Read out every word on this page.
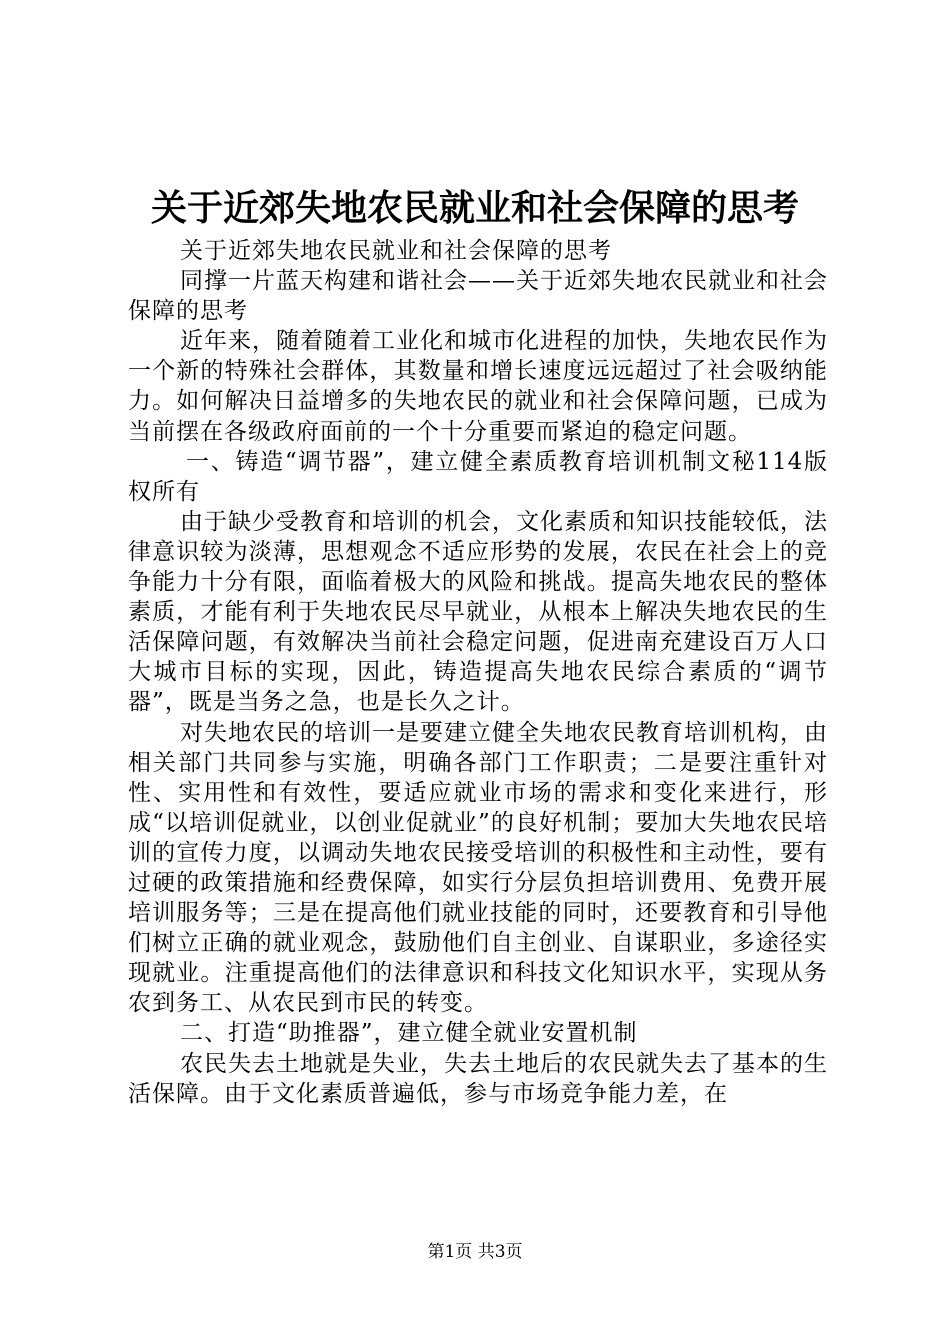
关于近郊失地农民就业和社会保障的思考

关于近郊失地农民就业和社会保障的思考

同撑一片蓝天构建和谐社会——关于近郊失地农民就业和社会保障的思考

近年来，随着随着工业化和城市化进程的加快，失地农民作为一个新的特殊社会群体，其数量和增长速度远远超过了社会吸纳能力。如何解决日益增多的失地农民的就业和社会保障问题，已成为当前摆在各级政府面前的一个十分重要而紧迫的稳定问题。

一、铸造“调节器”，建立健全素质教育培训机制文秘114版权所有

由于缺少受教育和培训的机会，文化素质和知识技能较低，法律意识较为淡薄，思想观念不适应形势的发展，农民在社会上的竞争能力十分有限，面临着极大的风险和挑战。提高失地农民的整体素质，才能有利于失地农民尽早就业，从根本上解决失地农民的生活保障问题，有效解决当前社会稳定问题，促进南充建设百万人口大城市目标的实现，因此，铸造提高失地农民综合素质的“调节器”，既是当务之急，也是长久之计。

对失地农民的培训一是要建立健全失地农民教育培训机构，由相关部门共同参与实施，明确各部门工作职责；二是要注重针对性、实用性和有效性，要适应就业市场的需求和变化来进行，形成“以培训促就业，以创业促就业”的良好机制；要加大失地农民培训的宣传力度，以调动失地农民接受培训的积极性和主动性，要有过硬的政策措施和经费保障，如实行分层负担培训费用、免费开展培训服务等；三是在提高他们就业技能的同时，还要教育和引导他们树立正确的就业观念，鼓励他们自主创业、自谋职业，多途径实现就业。注重提高他们的法律意识和科技文化知识水平，实现从务农到务工、从农民到市民的转变。

二、打造“助推器”，建立健全就业安置机制

农民失去土地就是失业，失去土地后的农民就失去了基本的生活保障。由于文化素质普遍低，参与市场竞争能力差，在

第1页 共3页
